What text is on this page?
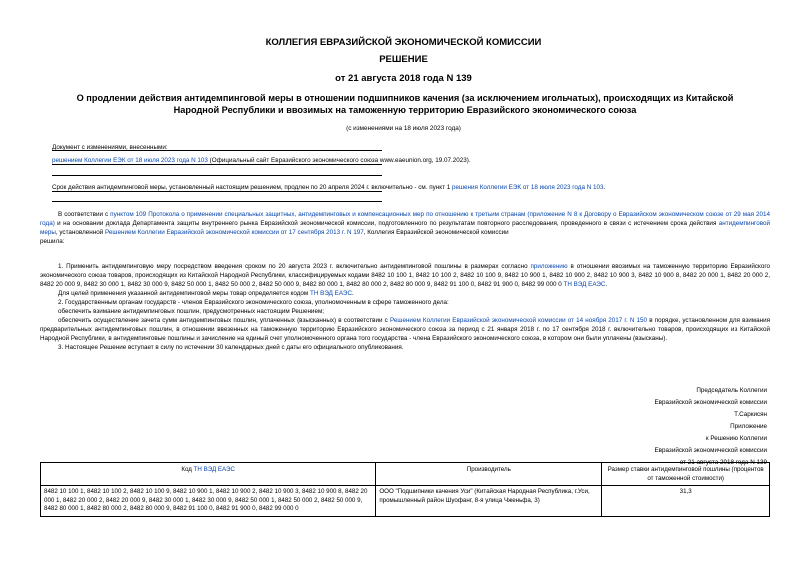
КОЛЛЕГИЯ ЕВРАЗИЙСКОЙ ЭКОНОМИЧЕСКОЙ КОМИССИИ
РЕШЕНИЕ
от 21 августа 2018 года N 139
О продлении действия антидемпинговой меры в отношении подшипников качения (за исключением игольчатых), происходящих из Китайской Народной Республики и ввозимых на таможенную территорию Евразийского экономического союза
(с изменениями на 18 июля 2023 года)
Документ с изменениями, внесенными:
решением Коллегии ЕЭК от 18 июля 2023 года N 103 (Официальный сайт Евразийского экономического союза www.eaeunion.org, 19.07.2023).
Срок действия антидемпинговой меры, установленный настоящим решением, продлен по 20 апреля 2024 г. включительно - см. пункт 1 решения Коллегии ЕЭК от 18 июля 2023 года N 103.

В соответствии с пунктом 109 Протокола о применении специальных защитных, антидемпинговых и компенсационных мер по отношению к третьим странам (приложение N 8 к Договору о Евразийском экономическом союзе от 29 мая 2014 года) и на основании доклада Департамента защиты внутреннего рынка Евразийской экономической комиссии, подготовленного по результатам повторного расследования, проведенного в связи с истечением срока действия антидемпинговой меры, установленной Решением Коллегии Евразийской экономической комиссии от 17 сентября 2013 г. N 197, Коллегия Евразийской экономической комиссии

решила:

1. Применить антидемпинговую меру посредством введения сроком по 20 августа 2023 г. включительно антидемпинговой пошлины в размерах согласно приложению в отношении ввозимых на таможенную территорию Евразийского экономического союза товаров, происходящих из Китайской Народной Республики, классифицируемых кодами 8482 10 100 1, 8482 10 100 2, 8482 10 100 9, 8482 10 900 1, 8482 10 900 2, 8482 10 900 3, 8482 10 900 8, 8482 20 000 1, 8482 20 000 2, 8482 20 000 9, 8482 30 000 1, 8482 30 000 9, 8482 50 000 1, 8482 50 000 2, 8482 50 000 9, 8482 80 000 1, 8482 80 000 2, 8482 80 000 9, 8482 91 100 0, 8482 91 900 0, 8482 99 000 0 ТН ВЭД ЕАЭС.

Для целей применения указанной антидемпинговой меры товар определяется кодом ТН ВЭД ЕАЭС.

2. Государственным органам государств - членов Евразийского экономического союза, уполномоченным в сфере таможенного дела:

обеспечить взимание антидемпинговых пошлин, предусмотренных настоящим Решением;

обеспечить осуществление зачета сумм антидемпинговых пошлин, уплаченных (взысканных) в соответствии с Решением Коллегии Евразийской экономической комиссии от 14 ноября 2017 г. N 150 в порядке, установленном для взимания предварительных антидемпинговых пошлин, в отношении ввезенных на таможенную территорию Евразийского экономического союза за период с 21 января 2018 г. по 17 сентября 2018 г. включительно товаров, происходящих из Китайской Народной Республики, в антидемпинговые пошлины и зачисление на единый счет уполномоченного органа того государства - члена Евразийского экономического союза, в котором они были уплачены (взысканы).

3. Настоящее Решение вступает в силу по истечении 30 календарных дней с даты его официального опубликования.

Председатель Коллегии
Евразийской экономической комиссии
Т.Саркисян
Приложение
к Решению Коллегии
Евразийской экономической комиссии
от 21 августа 2018 года N 139
Код ТН ВЭД ЕАЭС	Производитель	Размер ставки антидемпинговой пошлины (процентов от таможенной стоимости)
8482 10 100 1, 8482 10 100 2, 8482 10 100 9, 8482 10 900 1, 8482 10 900 2, 8482 10 900 3, 8482 10 900 8, 8482 20 000 1, 8482 20 000 2, 8482 20 000 9, 8482 30 000 1, 8482 30 000 9, 8482 50 000 1, 8482 50 000 2, 8482 50 000 9, 8482 80 000 1, 8482 80 000 2, 8482 80 000 9, 8482 91 100 0, 8482 91 900 0, 8482 99 000 0	ООО "Подшипники качения Уси" (Китайская Народная Республика, г.Уси, промышленный район Шуофанг, 8-я улица Чженьфа, 3)	31,3
